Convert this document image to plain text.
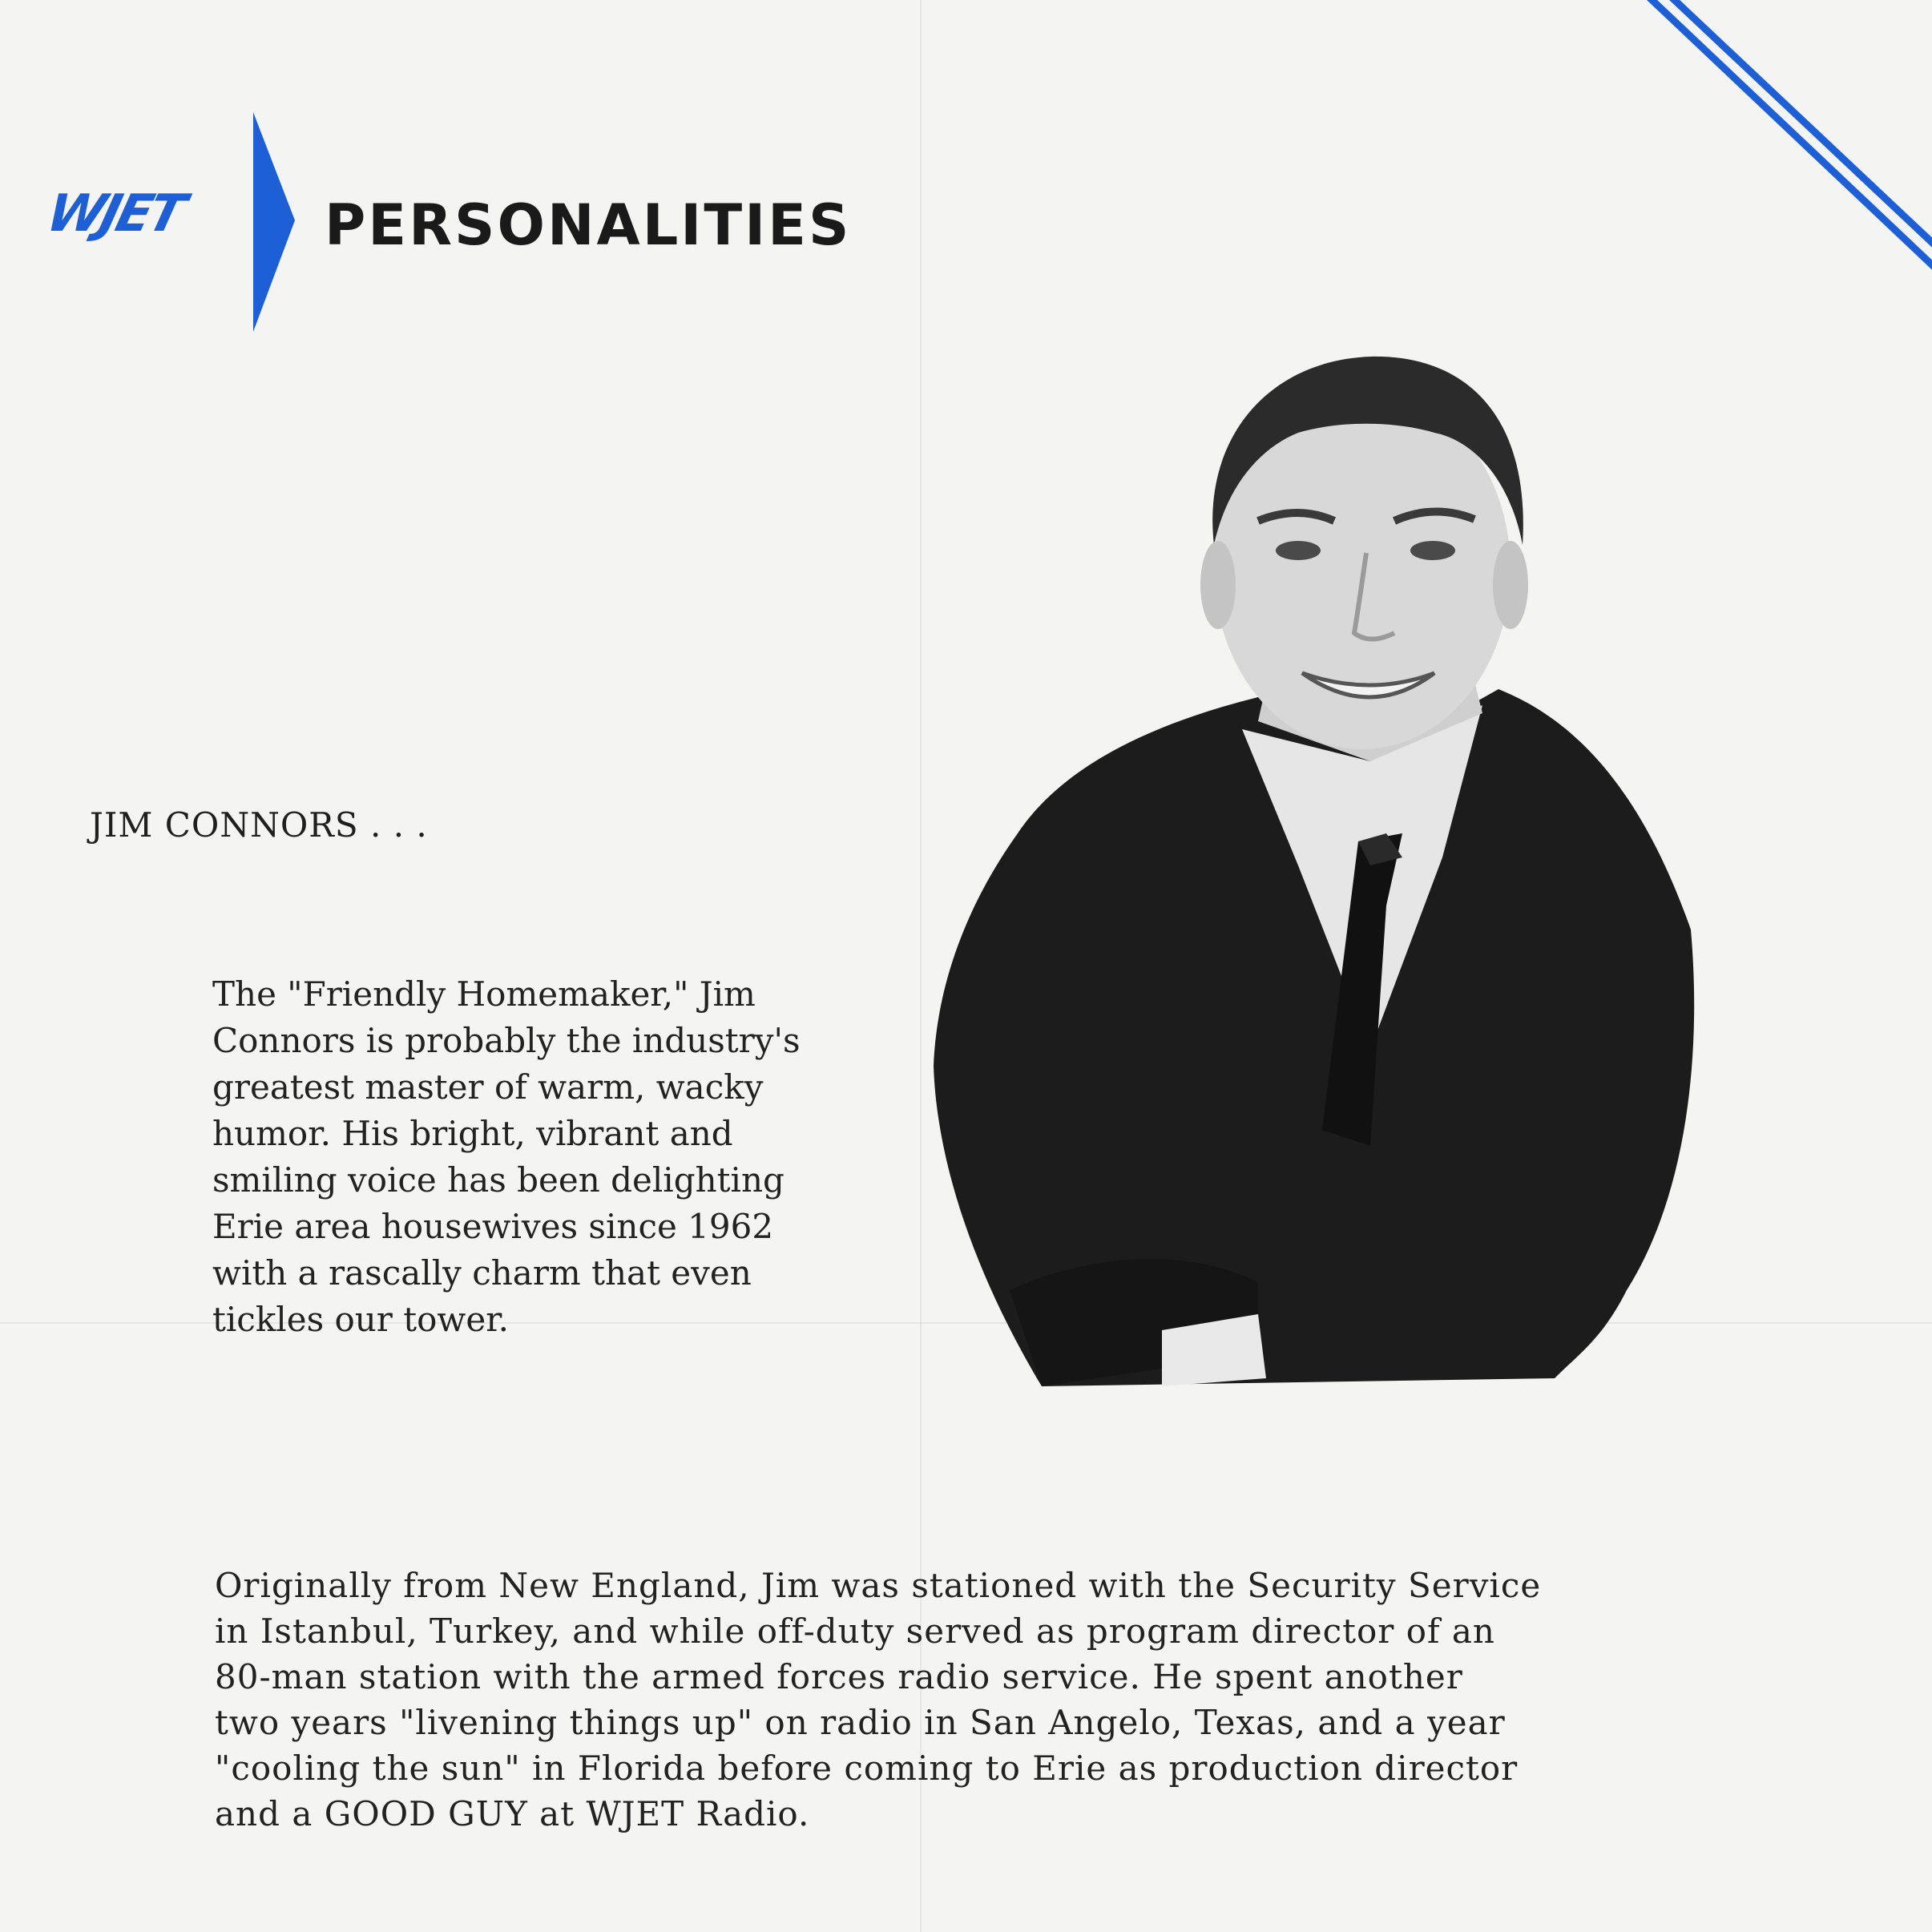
WJET	PERSONALITIES
JIM CONNORS . . .
The "Friendly Homemaker," Jim
Connors is probably the industry's
greatest master of warm, wacky
humor. His bright, vibrant and
smiling voice has been delighting
Erie area housewives since 1962
with a rascally charm that even
tickles our tower.
Originally from New England, Jim was stationed with the Security Service
in Istanbul, Turkey, and while off-duty served as program director of an
80-man station with the armed forces radio service. He spent another
two years "livening things up" on radio in San Angelo, Texas, and a year
"cooling the sun" in Florida before coming to Erie as production director
and a GOOD GUY at WJET Radio.
